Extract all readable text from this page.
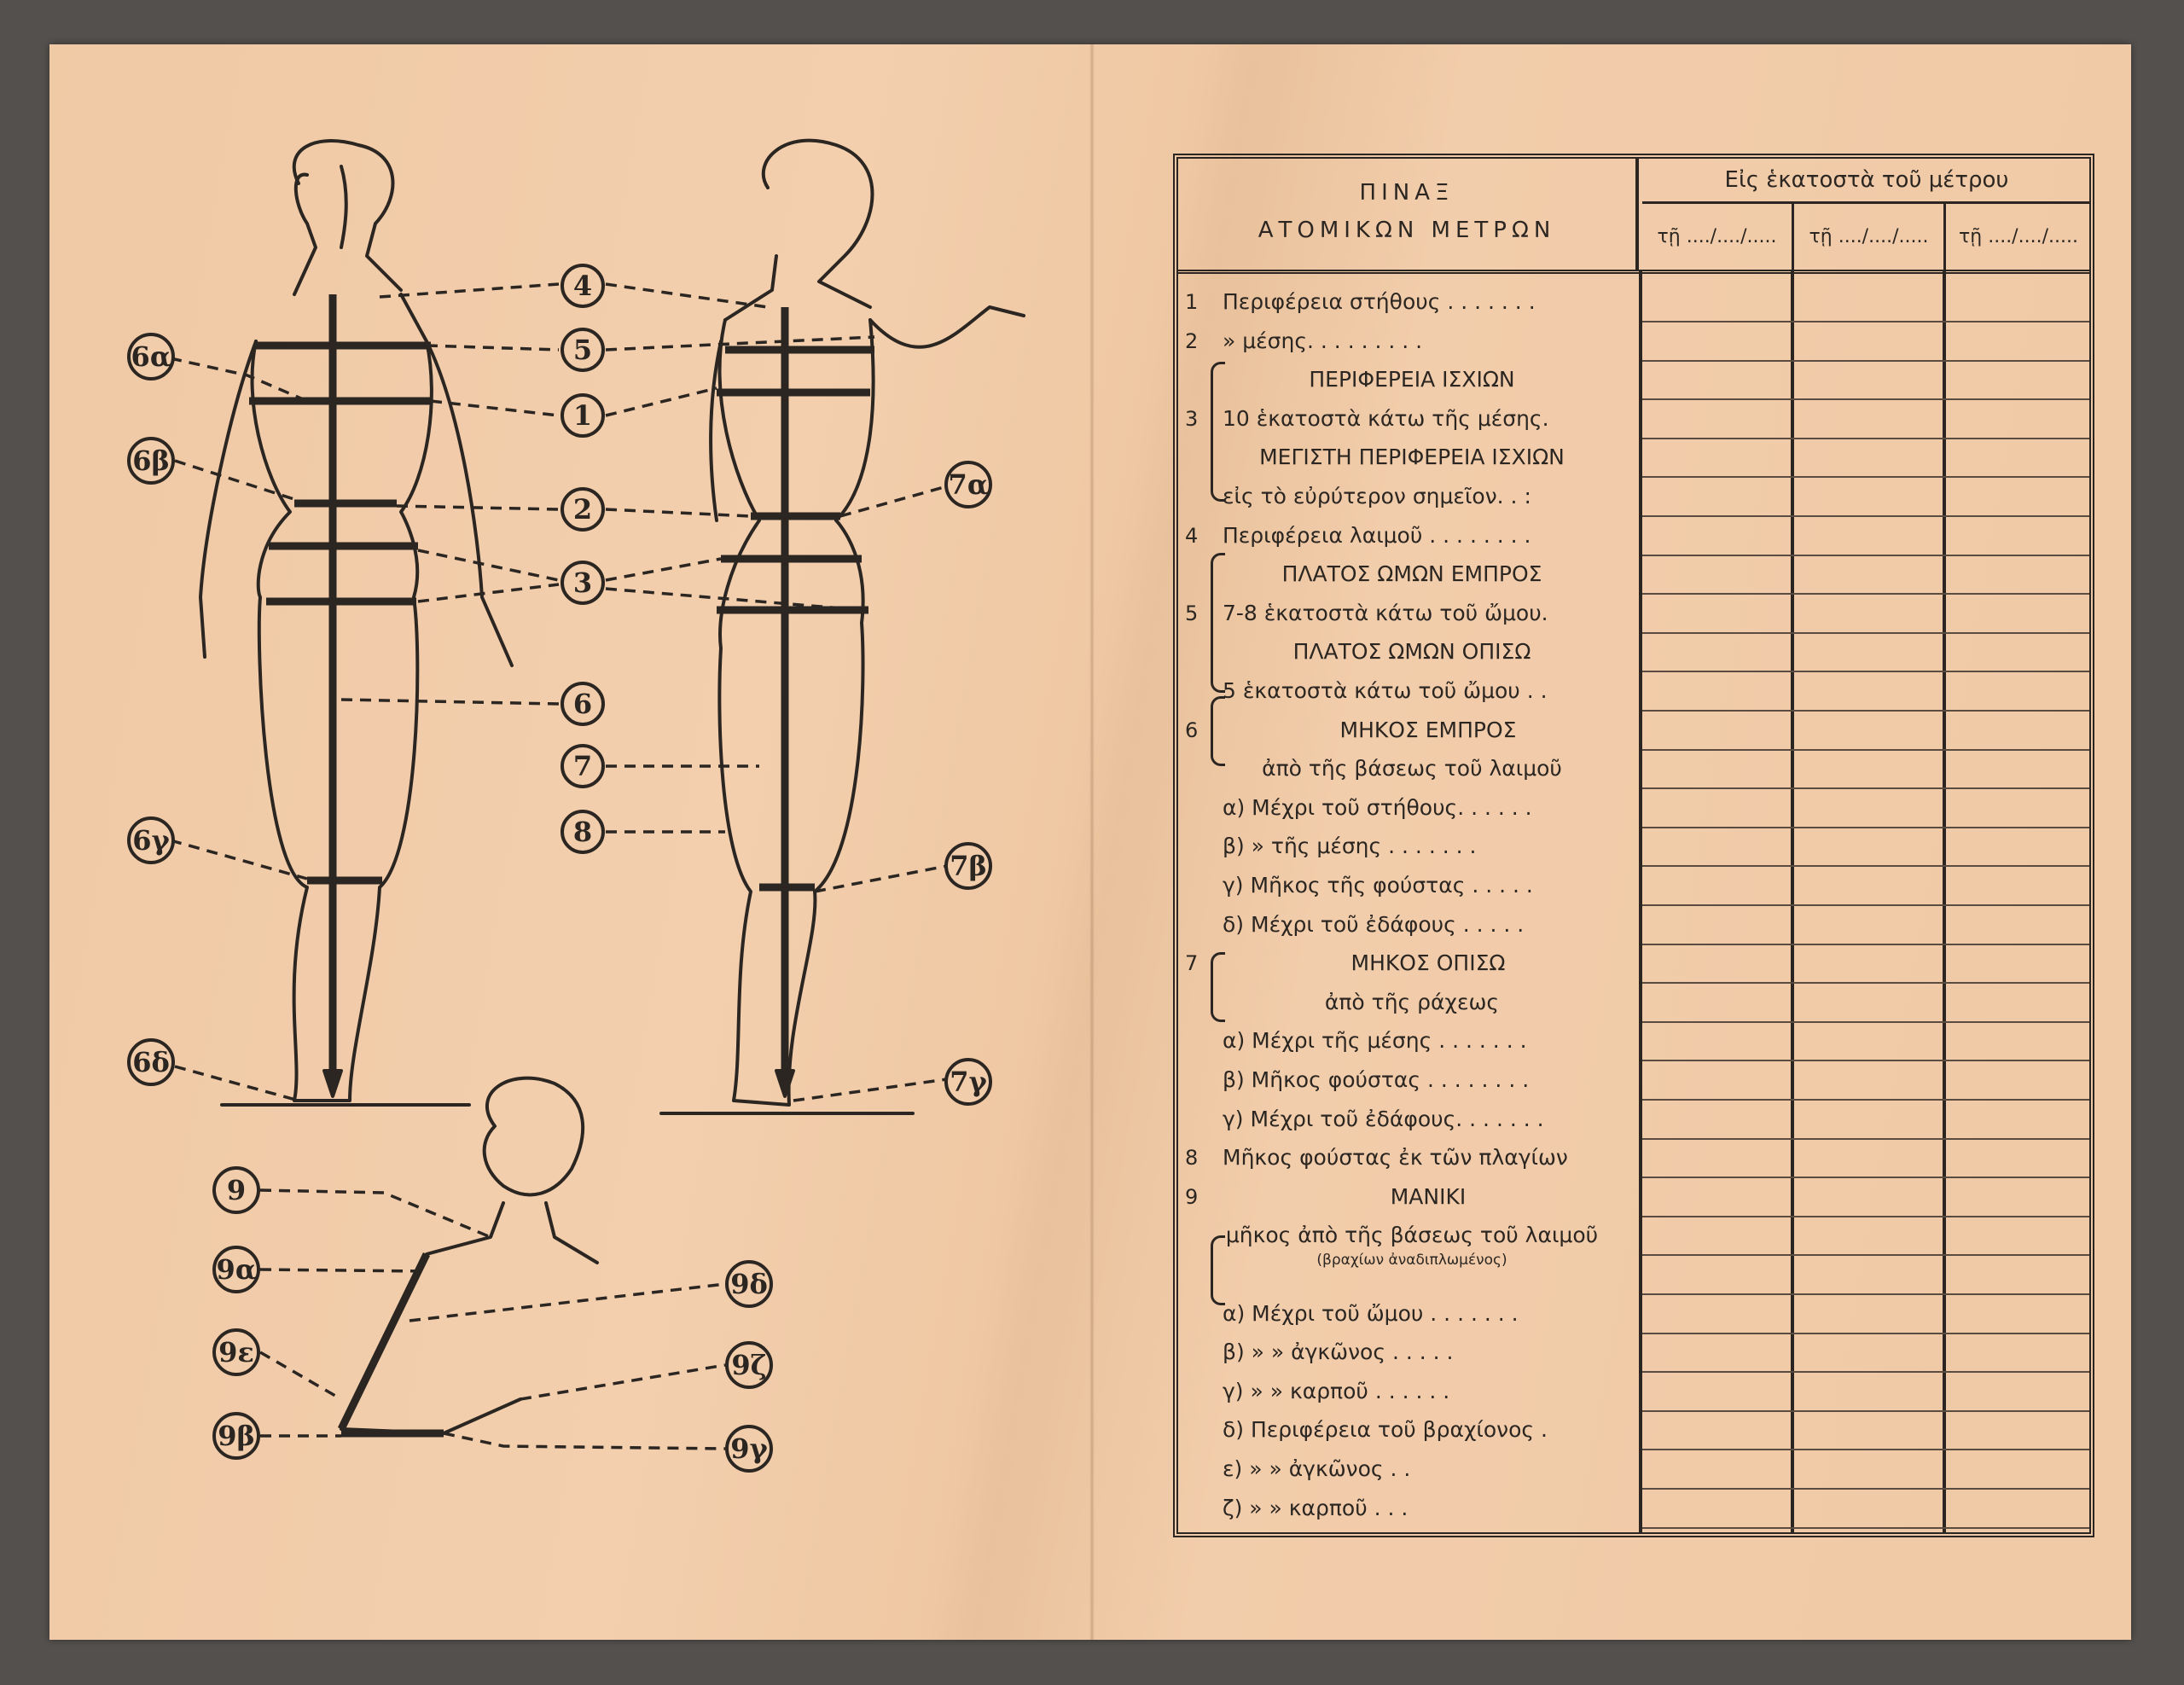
4
5
6α
1
6β
2
7α
3
6
7
8
6γ
7β
6δ
7γ
9
9α	9δ
9ε	9ζ
9β	9γ
ΠΙΝΑΞ
ΑΤΟΜΙΚΩΝ ΜΕΤΡΩΝ
Εἰς ἑκατοστὰ τοῦ μέτρου
τῇ ..../..../.....	τῇ ..../..../.....	τῇ ..../..../.....
1	Περιφέρεια στήθους . . . . . . .
2	» μέσης. . . . . . . . .
ΠΕΡΙΦΕΡΕΙΑ ΙΣΧΙΩΝ
3	10 ἑκατοστὰ κάτω τῆς μέσης.
ΜΕΓΙΣΤΗ ΠΕΡΙΦΕΡΕΙΑ ΙΣΧΙΩΝ
εἰς τὸ εὐρύτερον σημεῖον. . :
4	Περιφέρεια λαιμοῦ . . . . . . . .
ΠΛΑΤΟΣ ΩΜΩΝ ΕΜΠΡΟΣ
5	7-8 ἑκατοστὰ κάτω τοῦ ὤμου.
ΠΛΑΤΟΣ ΩΜΩΝ ΟΠΙΣΩ
5 ἑκατοστὰ κάτω τοῦ ὤμου . .
6	ΜΗΚΟΣ ΕΜΠΡΟΣ
ἀπὸ τῆς βάσεως τοῦ λαιμοῦ
α) Μέχρι τοῦ στήθους. . . . . .
β) » τῆς μέσης . . . . . . .
γ) Μῆκος τῆς φούστας . . . . .
δ) Μέχρι τοῦ ἐδάφους . . . . .
7	ΜΗΚΟΣ ΟΠΙΣΩ
ἀπὸ τῆς ράχεως
α) Μέχρι τῆς μέσης . . . . . . .
β) Μῆκος φούστας . . . . . . . .
γ) Μέχρι τοῦ ἐδάφους. . . . . . .
8	Μῆκος φούστας ἐκ τῶν πλαγίων
9	ΜΑΝΙΚΙ
μῆκος ἀπὸ τῆς βάσεως τοῦ λαιμοῦ
(βραχίων ἀναδιπλωμένος)
α) Μέχρι τοῦ ὤμου . . . . . . .
β) » » ἀγκῶνος . . . . .
γ) » » καρποῦ . . . . . .
δ) Περιφέρεια τοῦ βραχίονος .
ε) » » ἀγκῶνος . .
ζ) » » καρποῦ . . .
